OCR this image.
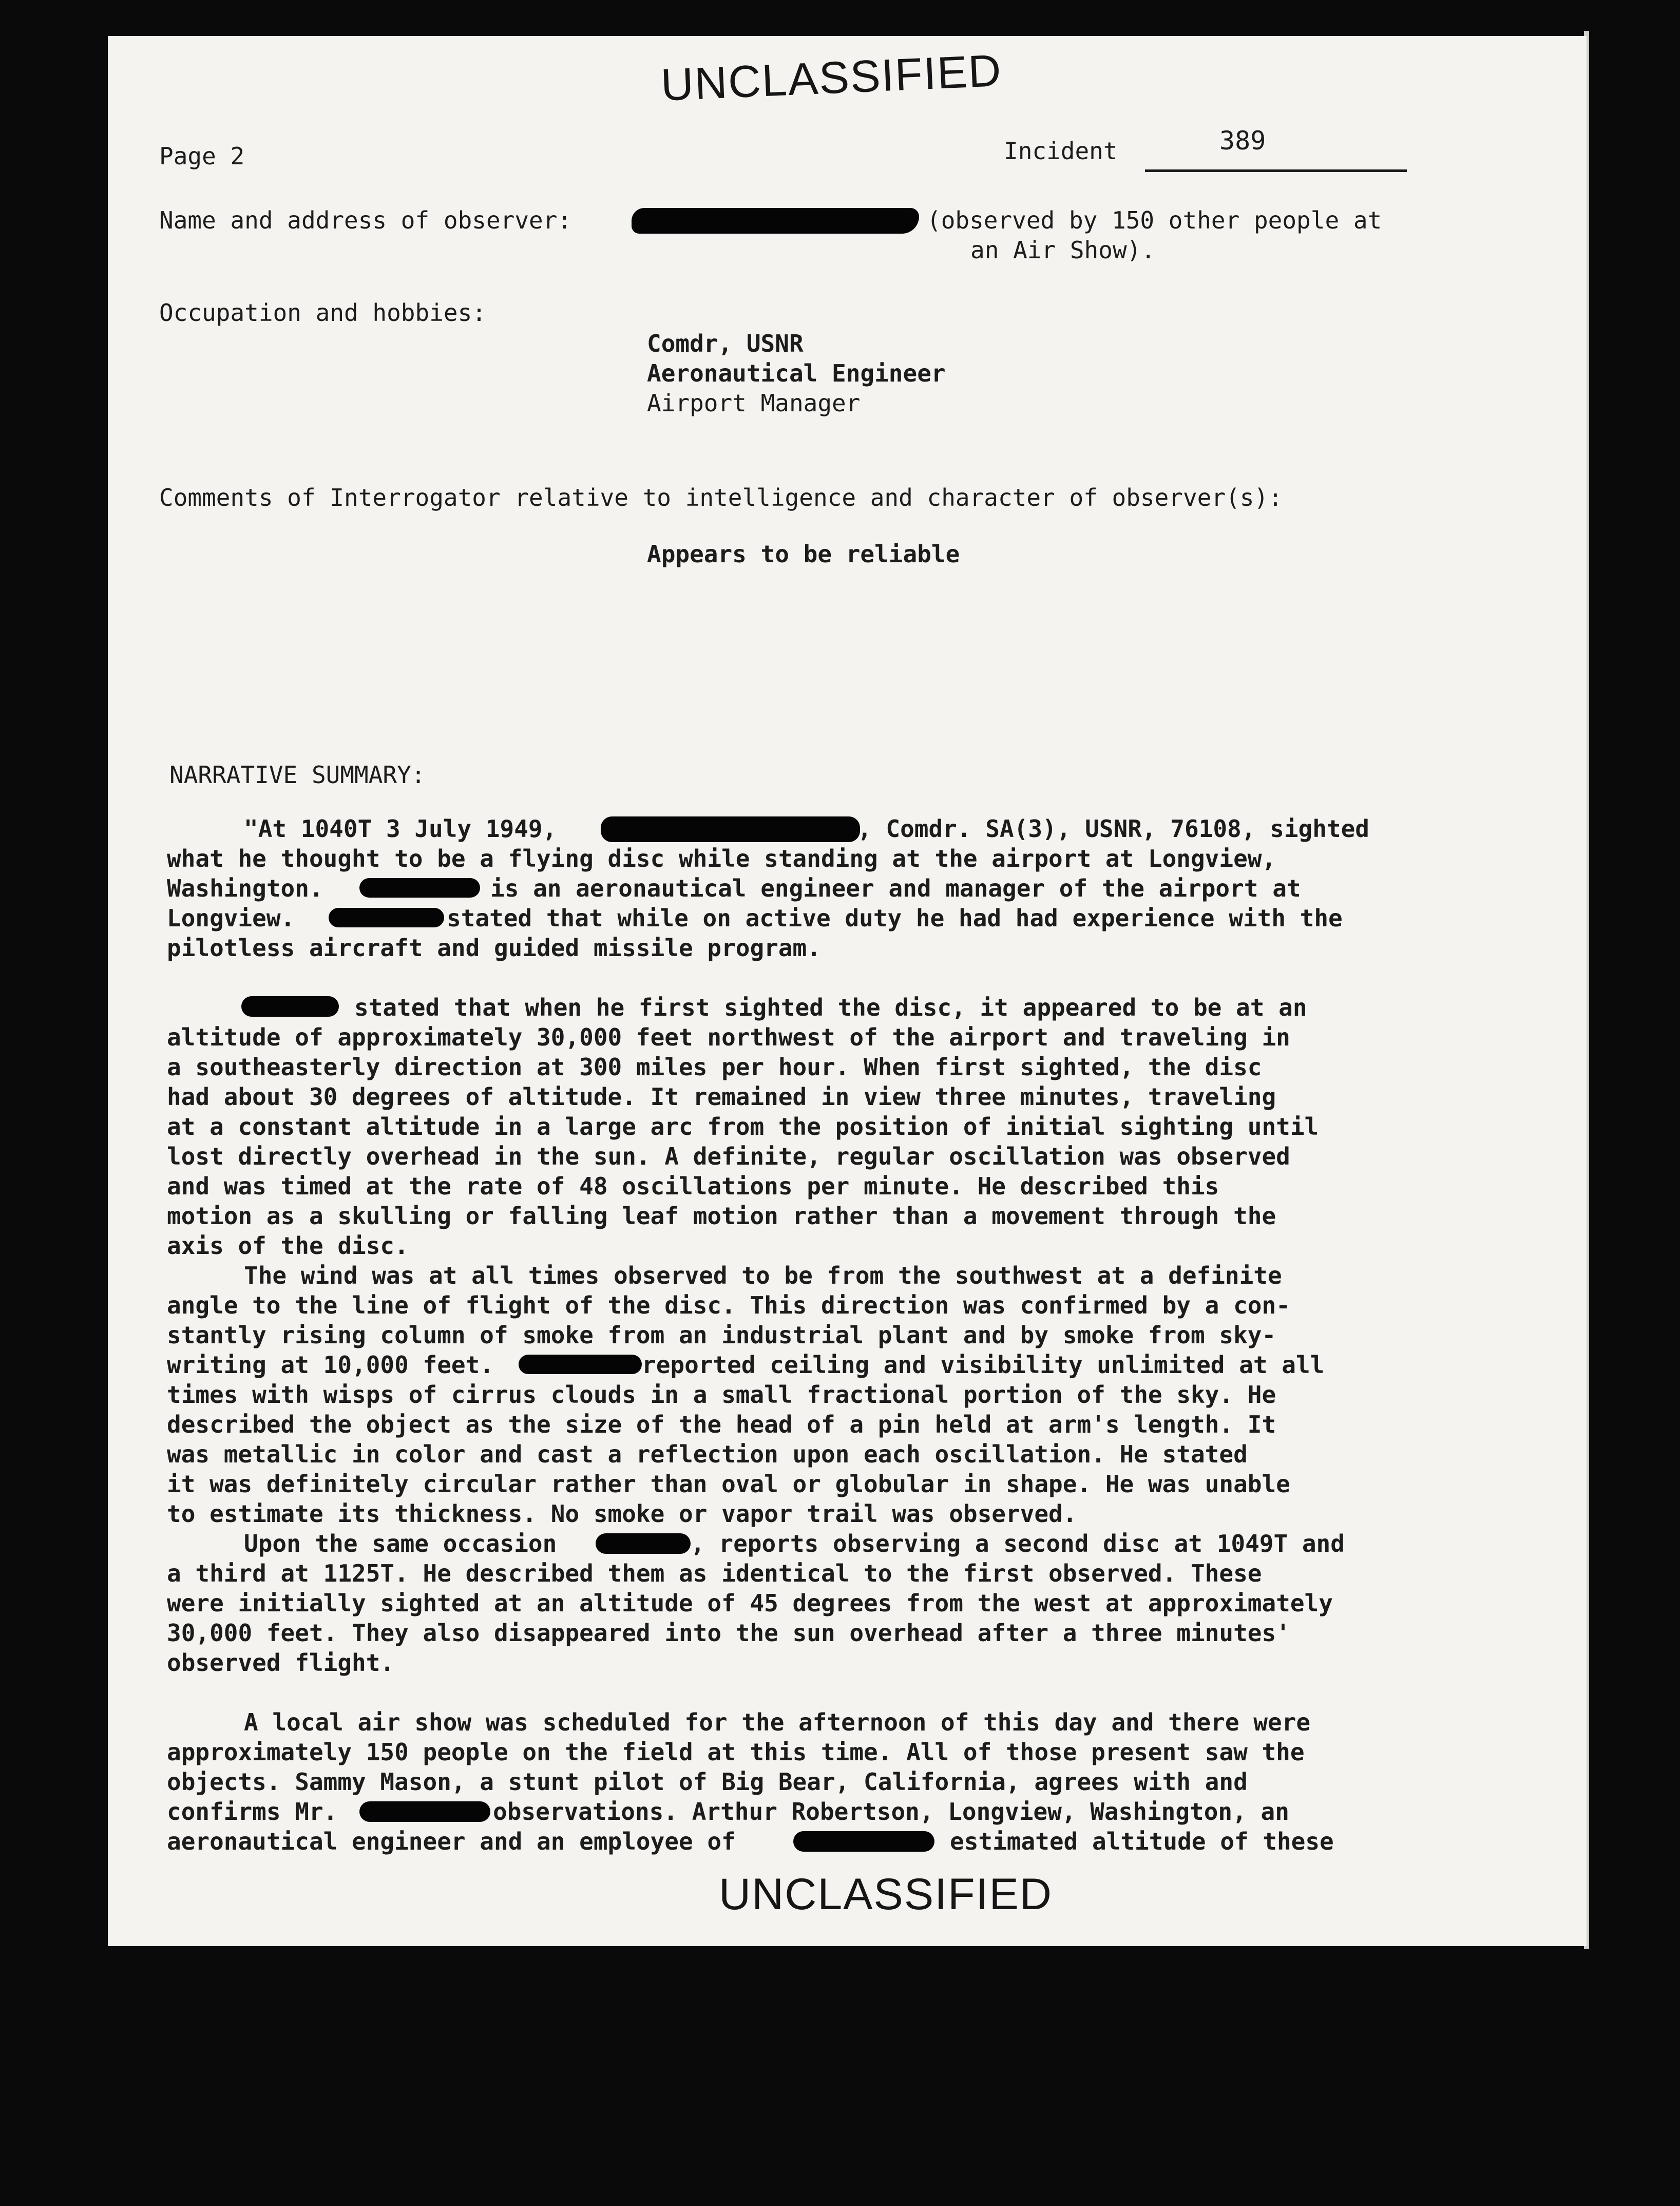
UNCLASSIFIED
Page 2	Incident	389
Name and address of observer:	(observed by 150 other people at
an Air Show).
Occupation and hobbies:
Comdr, USNR
Aeronautical Engineer
Airport Manager
Comments of Interrogator relative to intelligence and character of observer(s):
Appears to be reliable
NARRATIVE SUMMARY:
"At 1040T 3 July 1949,	, Comdr. SA(3), USNR, 76108, sighted
what he thought to be a flying disc while standing at the airport at Longview,
Washington.	is an aeronautical engineer and manager of the airport at
Longview.	stated that while on active duty he had had experience with the
pilotless aircraft and guided missile program.
stated that when he first sighted the disc, it appeared to be at an
altitude of approximately 30,000 feet northwest of the airport and traveling in
a southeasterly direction at 300 miles per hour. When first sighted, the disc
had about 30 degrees of altitude. It remained in view three minutes, traveling
at a constant altitude in a large arc from the position of initial sighting until
lost directly overhead in the sun. A definite, regular oscillation was observed
and was timed at the rate of 48 oscillations per minute. He described this
motion as a skulling or falling leaf motion rather than a movement through the
axis of the disc.
The wind was at all times observed to be from the southwest at a definite
angle to the line of flight of the disc. This direction was confirmed by a con-
stantly rising column of smoke from an industrial plant and by smoke from sky-
writing at 10,000 feet.	reported ceiling and visibility unlimited at all
times with wisps of cirrus clouds in a small fractional portion of the sky. He
described the object as the size of the head of a pin held at arm's length. It
was metallic in color and cast a reflection upon each oscillation. He stated
it was definitely circular rather than oval or globular in shape. He was unable
to estimate its thickness. No smoke or vapor trail was observed.
Upon the same occasion	, reports observing a second disc at 1049T and
a third at 1125T. He described them as identical to the first observed. These
were initially sighted at an altitude of 45 degrees from the west at approximately
30,000 feet. They also disappeared into the sun overhead after a three minutes'
observed flight.
A local air show was scheduled for the afternoon of this day and there were
approximately 150 people on the field at this time. All of those present saw the
objects. Sammy Mason, a stunt pilot of Big Bear, California, agrees with and
confirms Mr.	observations. Arthur Robertson, Longview, Washington, an
aeronautical engineer and an employee of	estimated altitude of these
UNCLASSIFIED
